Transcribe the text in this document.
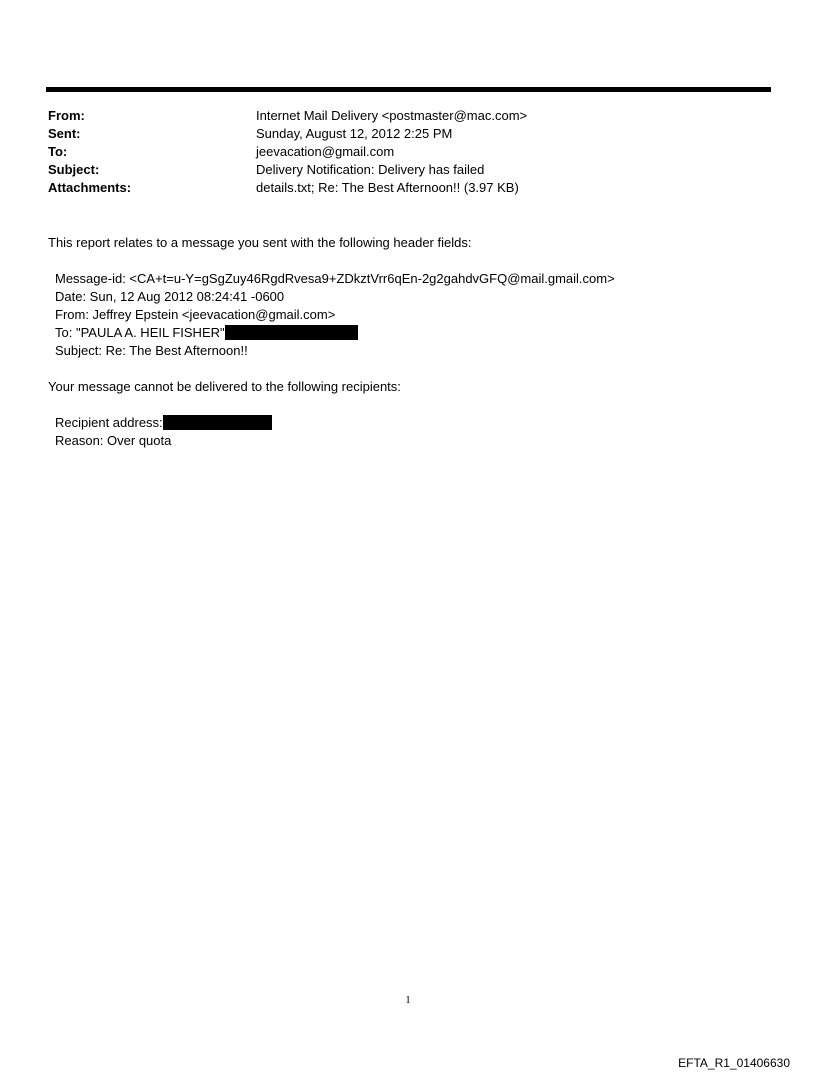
From:	Internet Mail Delivery <postmaster@mac.com>
Sent:	Sunday, August 12, 2012 2:25 PM
To:	jeevacation@gmail.com
Subject:	Delivery Notification: Delivery has failed
Attachments:	details.txt; Re: The Best Afternoon!! (3.97 KB)
This report relates to a message you sent with the following header fields:
Message-id: <CA+t=u-Y=gSgZuy46RgdRvesa9+ZDkztVrr6qEn-2g2gahdvGFQ@mail.gmail.com>
Date: Sun, 12 Aug 2012 08:24:41 -0600
From: Jeffrey Epstein <jeevacation@gmail.com>
To: "PAULA A. HEIL FISHER"
Subject: Re: The Best Afternoon!!
Your message cannot be delivered to the following recipients:
Recipient address:
Reason: Over quota
1
EFTA_R1_01406630
